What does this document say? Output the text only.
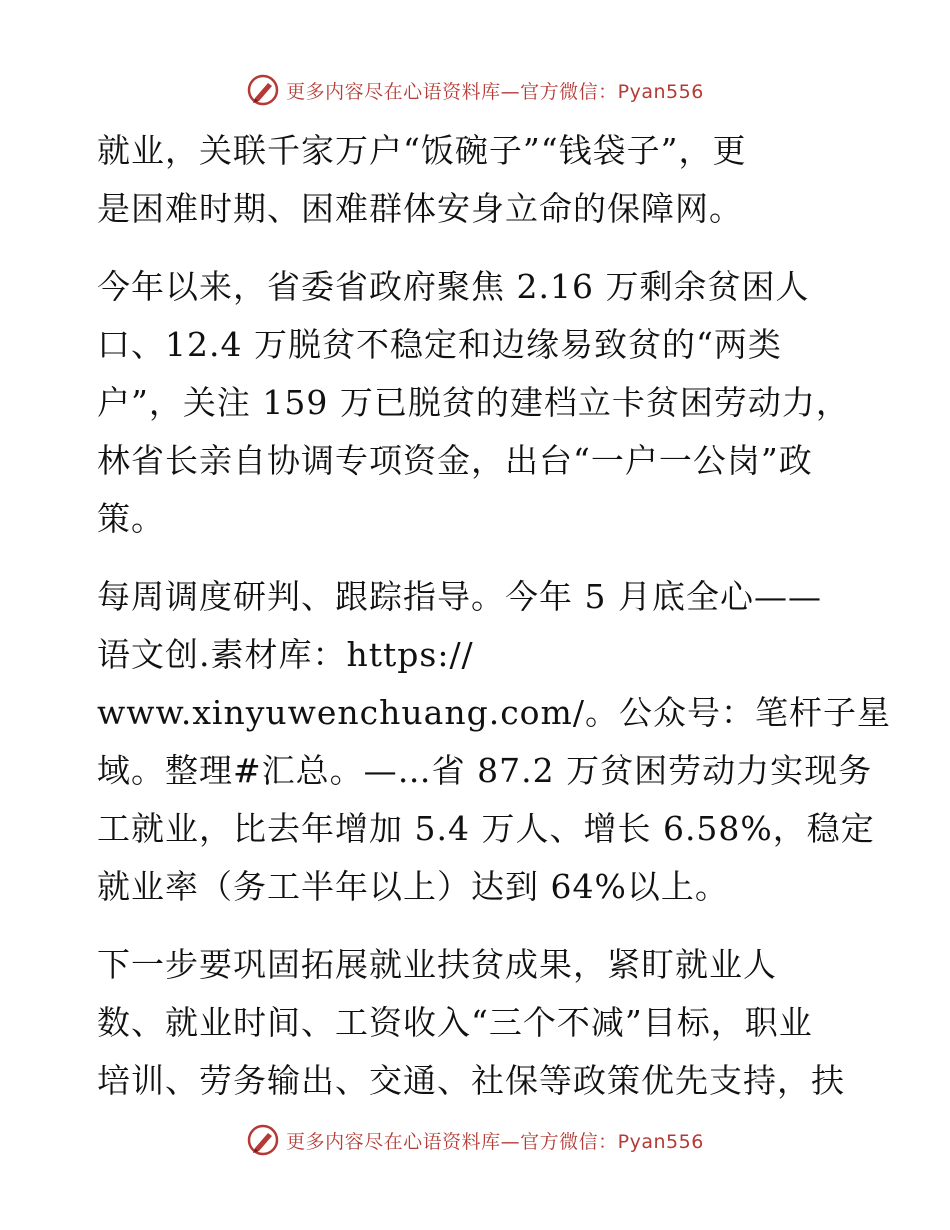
更多内容尽在心语资料库—官方微信：Pyan556
就业，关联千家万户“饭碗子”“钱袋子”，更
是困难时期、困难群体安身立命的保障网。
今年以来，省委省政府聚焦 2.16 万剩余贫困人
口、12.4 万脱贫不稳定和边缘易致贫的“两类
户”，关注 159 万已脱贫的建档立卡贫困劳动力，
林省长亲自协调专项资金，出台“一户一公岗”政
策。
每周调度研判、跟踪指导。今年 5 月底全心——
语文创.素材库：https://
www.xinyuwenchuang.com/。公众号：笔杆子星
域。整理#汇总。—…省 87.2 万贫困劳动力实现务
工就业，比去年增加 5.4 万人、增长 6.58%，稳定
就业率（务工半年以上）达到 64%以上。
下一步要巩固拓展就业扶贫成果，紧盯就业人
数、就业时间、工资收入“三个不减”目标，职业
培训、劳务输出、交通、社保等政策优先支持，扶
更多内容尽在心语资料库—官方微信：Pyan556
